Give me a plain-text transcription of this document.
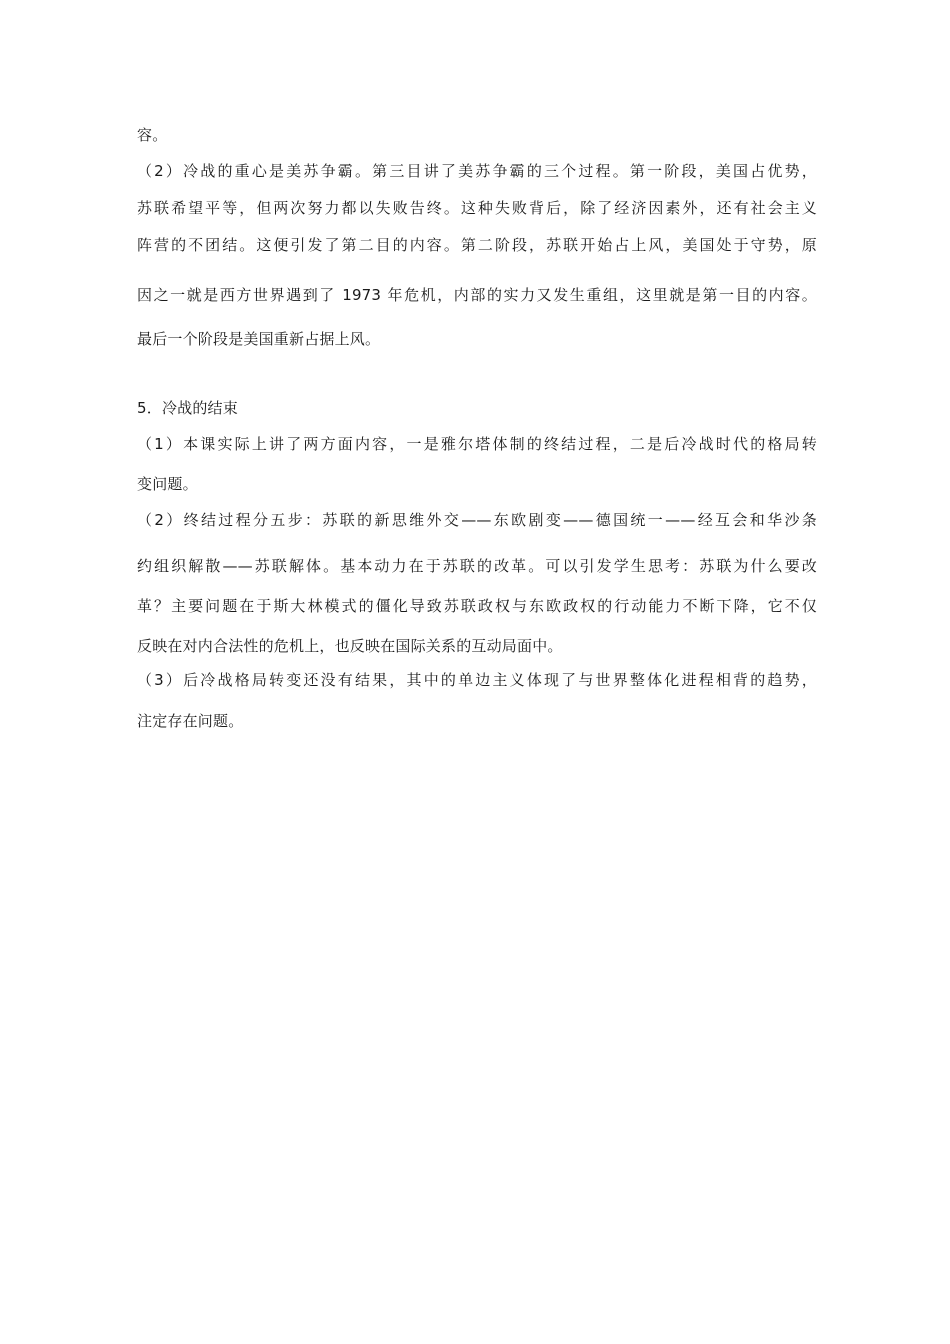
容。
（2）冷战的重心是美苏争霸。第三目讲了美苏争霸的三个过程。第一阶段，美国占优势，
苏联希望平等，但两次努力都以失败告终。这种失败背后，除了经济因素外，还有社会主义
阵营的不团结。这便引发了第二目的内容。第二阶段，苏联开始占上风，美国处于守势，原
因之一就是西方世界遇到了 1973 年危机，内部的实力又发生重组，这里就是第一目的内容。
最后一个阶段是美国重新占据上风。
5．冷战的结束
（1）本课实际上讲了两方面内容，一是雅尔塔体制的终结过程，二是后冷战时代的格局转
变问题。
（2）终结过程分五步：苏联的新思维外交——东欧剧变——德国统一——经互会和华沙条
约组织解散——苏联解体。基本动力在于苏联的改革。可以引发学生思考：苏联为什么要改
革？主要问题在于斯大林模式的僵化导致苏联政权与东欧政权的行动能力不断下降，它不仅
反映在对内合法性的危机上，也反映在国际关系的互动局面中。
（3）后冷战格局转变还没有结果，其中的单边主义体现了与世界整体化进程相背的趋势，
注定存在问题。
